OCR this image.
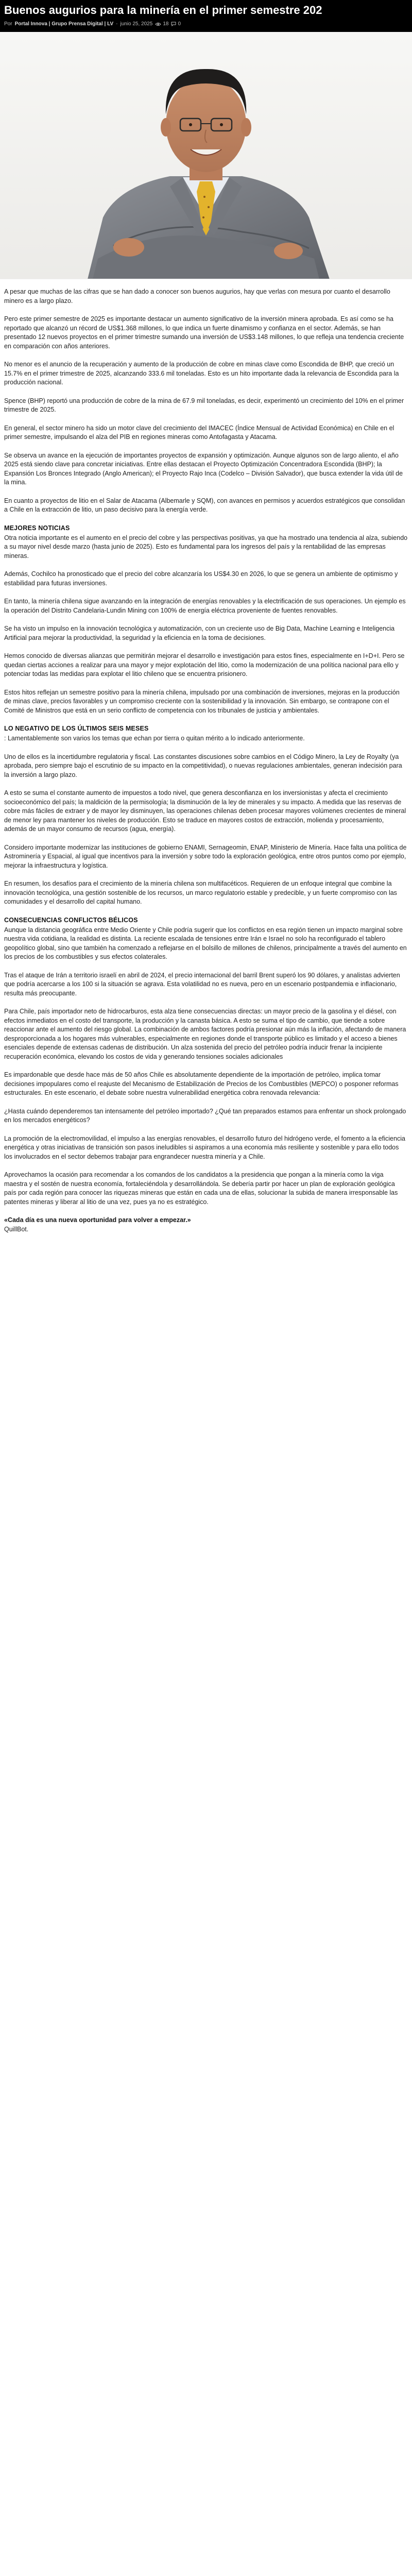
Buenos augurios para la minería en el primer semestre 202
Por Portal Innova | Grupo Prensa Digital | LV - junio 25, 2025 18 0

A pesar que muchas de las cifras que se han dado a conocer son buenos augurios, hay que verlas con mesura por cuanto el desarrollo minero es a largo plazo.

Pero este primer semestre de 2025 es importante destacar un aumento significativo de la inversión minera aprobada. Es así como se ha reportado que alcanzó un récord de US$1.368 millones, lo que indica un fuerte dinamismo y confianza en el sector. Además, se han presentado 12 nuevos proyectos en el primer trimestre sumando una inversión de US$3.148 millones, lo que refleja una tendencia creciente en comparación con años anteriores.

No menor es el anuncio de la recuperación y aumento de la producción de cobre en minas clave como Escondida de BHP, que creció un 15.7% en el primer trimestre de 2025, alcanzando 333.6 mil toneladas. Esto es un hito importante dada la relevancia de Escondida para la producción nacional.

Spence (BHP) reportó una producción de cobre de la mina de 67.9 mil toneladas, es decir, experimentó un crecimiento del 10% en el primer trimestre de 2025.

En general, el sector minero ha sido un motor clave del crecimiento del IMACEC (Índice Mensual de Actividad Económica) en Chile en el primer semestre, impulsando el alza del PIB en regiones mineras como Antofagasta y Atacama.

Se observa un avance en la ejecución de importantes proyectos de expansión y optimización. Aunque algunos son de largo aliento, el año 2025 está siendo clave para concretar iniciativas. Entre ellas destacan el Proyecto Optimización Concentradora Escondida (BHP); la Expansión Los Bronces Integrado (Anglo American); el Proyecto Rajo Inca (Codelco – División Salvador), que busca extender la vida útil de la mina.

En cuanto a proyectos de litio en el Salar de Atacama (Albemarle y SQM), con avances en permisos y acuerdos estratégicos que consolidan a Chile en la extracción de litio, un paso decisivo para la energía verde.

MEJORES NOTICIAS

Otra noticia importante es el aumento en el precio del cobre y las perspectivas positivas, ya que ha mostrado una tendencia al alza, subiendo a su mayor nivel desde marzo (hasta junio de 2025). Esto es fundamental para los ingresos del país y la rentabilidad de las empresas mineras.

Además, Cochilco ha pronosticado que el precio del cobre alcanzaría los US$4.30 en 2026, lo que se genera un ambiente de optimismo y estabilidad para futuras inversiones.

En tanto, la minería chilena sigue avanzando en la integración de energías renovables y la electrificación de sus operaciones. Un ejemplo es la operación del Distrito Candelaria-Lundin Mining con 100% de energía eléctrica proveniente de fuentes renovables.

Se ha visto un impulso en la innovación tecnológica y automatización, con un creciente uso de Big Data, Machine Learning e Inteligencia Artificial para mejorar la productividad, la seguridad y la eficiencia en la toma de decisiones.

Hemos conocido de diversas alianzas que permitirán mejorar el desarrollo e investigación para estos fines, especialmente en I+D+I. Pero se quedan ciertas acciones a realizar para una mayor y mejor explotación del litio, como la modernización de una política nacional para ello y potenciar todas las medidas para explotar el litio chileno que se encuentra prisionero.

Estos hitos reflejan un semestre positivo para la minería chilena, impulsado por una combinación de inversiones, mejoras en la producción de minas clave, precios favorables y un compromiso creciente con la sostenibilidad y la innovación. Sin embargo, se contrapone con el Comité de Ministros que está en un serio conflicto de competencia con los tribunales de justicia y ambientales.

LO NEGATIVO DE LOS ÚLTIMOS SEIS MESES

: Lamentablemente son varios los temas que echan por tierra o quitan mérito a lo indicado anteriormente.

Uno de ellos es la incertidumbre regulatoria y fiscal. Las constantes discusiones sobre cambios en el Código Minero, la Ley de Royalty (ya aprobada, pero siempre bajo el escrutinio de su impacto en la competitividad), o nuevas regulaciones ambientales, generan indecisión para la inversión a largo plazo.

A esto se suma el constante aumento de impuestos a todo nivel, que genera desconfianza en los inversionistas y afecta el crecimiento socioeconómico del país; la maldición de la permisología; la disminución de la ley de minerales y su impacto. A medida que las reservas de cobre más fáciles de extraer y de mayor ley disminuyen, las operaciones chilenas deben procesar mayores volúmenes crecientes de mineral de menor ley para mantener los niveles de producción. Esto se traduce en mayores costos de extracción, molienda y procesamiento, además de un mayor consumo de recursos (agua, energía).

Considero importante modernizar las instituciones de gobierno ENAMI, Sernageomin, ENAP, Ministerio de Minería. Hace falta una política de Astrominería y Espacial, al igual que incentivos para la inversión y sobre todo la exploración geológica, entre otros puntos como por ejemplo, mejorar la infraestructura y logística.

En resumen, los desafíos para el crecimiento de la minería chilena son multifacéticos. Requieren de un enfoque integral que combine la innovación tecnológica, una gestión sostenible de los recursos, un marco regulatorio estable y predecible, y un fuerte compromiso con las comunidades y el desarrollo del capital humano.

CONSECUENCIAS CONFLICTOS BÉLICOS

Aunque la distancia geográfica entre Medio Oriente y Chile podría sugerir que los conflictos en esa región tienen un impacto marginal sobre nuestra vida cotidiana, la realidad es distinta. La reciente escalada de tensiones entre Irán e Israel no solo ha reconfigurado el tablero geopolítico global, sino que también ha comenzado a reflejarse en el bolsillo de millones de chilenos, principalmente a través del aumento en los precios de los combustibles y sus efectos colaterales.

Tras el ataque de Irán a territorio israelí en abril de 2024, el precio internacional del barril Brent superó los 90 dólares, y analistas advierten que podría acercarse a los 100 si la situación se agrava. Esta volatilidad no es nueva, pero en un escenario postpandemia e inflacionario, resulta más preocupante.

Para Chile, país importador neto de hidrocarburos, esta alza tiene consecuencias directas: un mayor precio de la gasolina y el diésel, con efectos inmediatos en el costo del transporte, la producción y la canasta básica. A esto se suma el tipo de cambio, que tiende a sobre reaccionar ante el aumento del riesgo global. La combinación de ambos factores podría presionar aún más la inflación, afectando de manera desproporcionada a los hogares más vulnerables, especialmente en regiones donde el transporte público es limitado y el acceso a bienes esenciales depende de extensas cadenas de distribución. Un alza sostenida del precio del petróleo podría inducir frenar la incipiente recuperación económica, elevando los costos de vida y generando tensiones sociales adicionales

Es impardonable que desde hace más de 50 años Chile es absolutamente dependiente de la importación de petróleo, implica tomar decisiones impopulares como el reajuste del Mecanismo de Estabilización de Precios de los Combustibles (MEPCO) o posponer reformas estructurales. En este escenario, el debate sobre nuestra vulnerabilidad energética cobra renovada relevancia:

¿Hasta cuándo dependeremos tan intensamente del petróleo importado? ¿Qué tan preparados estamos para enfrentar un shock prolongado en los mercados energéticos?

La promoción de la electromovilidad, el impulso a las energías renovables, el desarrollo futuro del hidrógeno verde, el fomento a la eficiencia energética y otras iniciativas de transición son pasos ineludibles si aspiramos a una economía más resiliente y sostenible y para ello todos los involucrados en el sector debemos trabajar para engrandecer nuestra minería y a Chile.

Aprovechamos la ocasión para recomendar a los comandos de los candidatos a la presidencia que pongan a la minería como la viga maestra y el sostén de nuestra economía, fortaleciéndola y desarrollándola. Se debería partir por hacer un plan de exploración geológica país por cada región para conocer las riquezas mineras que están en cada una de ellas, solucionar la subida de manera irresponsable las patentes mineras y liberar al litio de una vez, pues ya no es estratégico.

«Cada día es una nueva oportunidad para volver a empezar.»

QuillBot.
